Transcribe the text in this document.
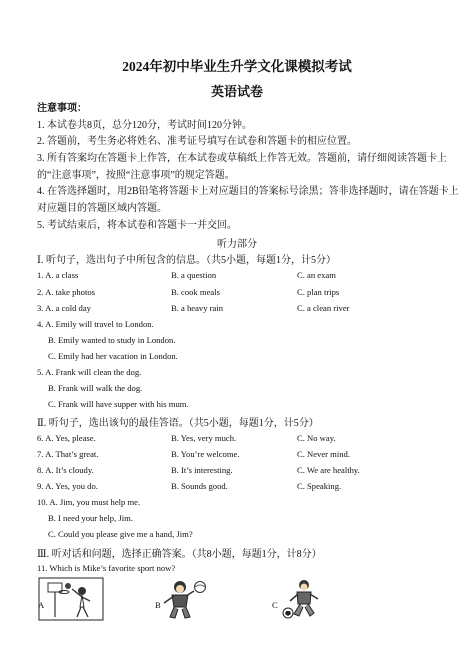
2024年初中毕业生升学文化课模拟考试
英语试卷
注意事项：
1. 本试卷共8页，总分120分，考试时间120分钟。
2. 答题前，考生务必将姓名、准考证号填写在试卷和答题卡的相应位置。
3. 所有答案均在答题卡上作答，在本试卷或草稿纸上作答无效。答题前，请仔细阅读答题卡上
的“注意事项”，按照“注意事项”的规定答题。
4. 在答选择题时，用2B铅笔将答题卡上对应题目的答案标号涂黑；答非选择题时，请在答题卡上
对应题目的答题区域内答题。
5. 考试结束后，将本试卷和答题卡一并交回。
听力部分
Ⅰ. 听句子，选出句子中所包含的信息。（共5小题，每题1分，计5分）
1. A. a class	B. a question	C. an exam
2. A. take photos	B. cook meals	C. plan trips
3. A. a cold day	B. a heavy rain	C. a clean river
4. A. Emily will travel to London.
B. Emily wanted to study in London.
C. Emily had her vacation in London.
5. A. Frank will clean the dog.
B. Frank will walk the dog.
C. Frank will have supper with his mum.
Ⅱ. 听句子，选出该句的最佳答语。（共5小题，每题1分，计5分）
6. A. Yes, please.	B. Yes, very much.	C. No way.
7. A. That’s great.	B. You’re welcome.	C. Never mind.
8. A. It’s cloudy.	B. It’s interesting.	C. We are healthy.
9. A. Yes, you do.	B. Sounds good.	C. Speaking.
10. A. Jim, you must help me.
B. I need your help, Jim.
C. Could you please give me a hand, Jim?
Ⅲ. 听对话和问题，选择正确答案。（共8小题，每题1分，计8分）
11. Which is Mike’s favorite sport now?
A	B	C
